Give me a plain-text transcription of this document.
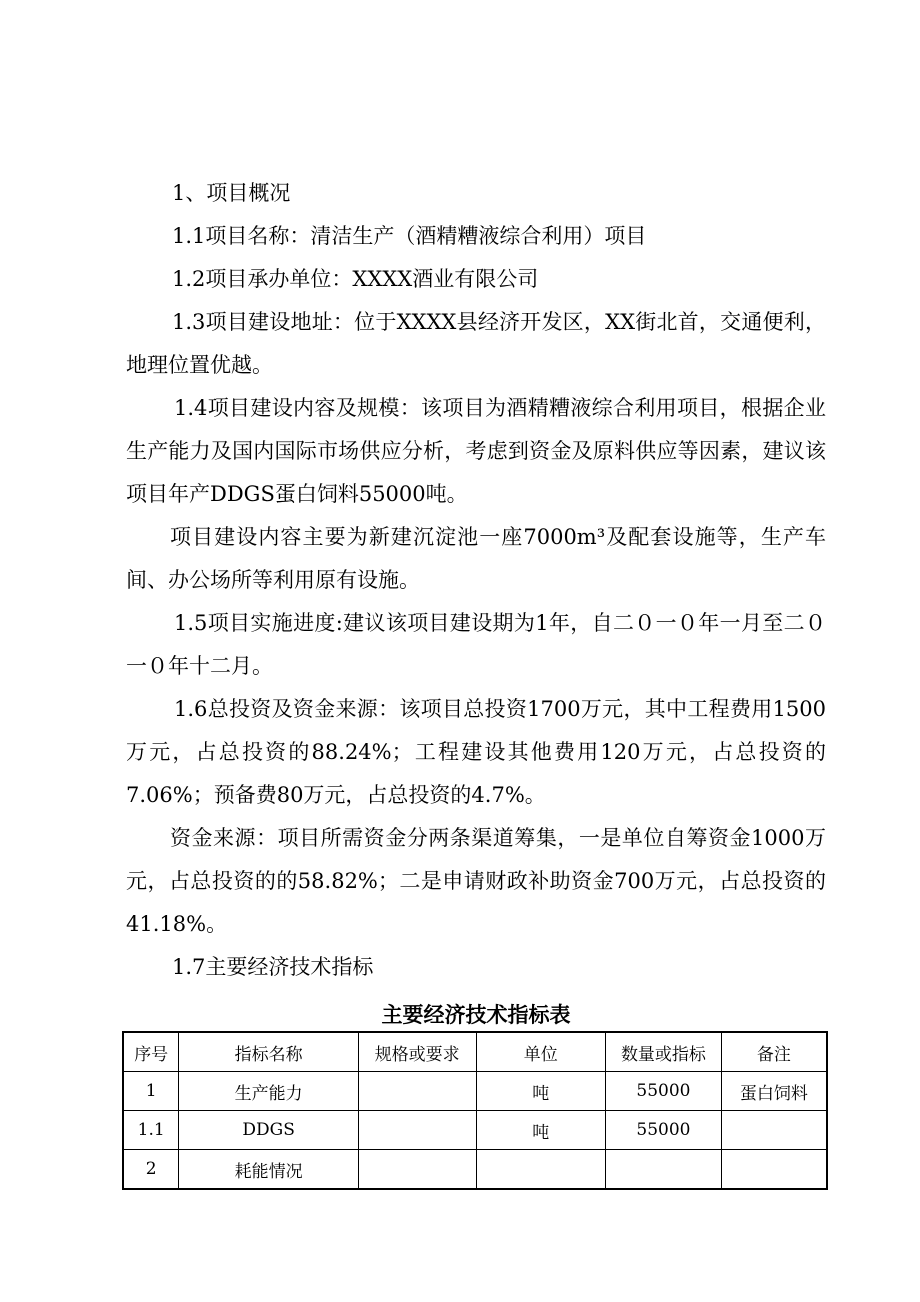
1、项目概况

1.1项目名称：清洁生产（酒精糟液综合利用）项目

1.2项目承办单位：XXXX酒业有限公司

1.3项目建设地址：位于XXXX县经济开发区，XX街北首，交通便利，地理位置优越。

1.4项目建设内容及规模：该项目为酒精糟液综合利用项目，根据企业生产能力及国内国际市场供应分析，考虑到资金及原料供应等因素，建议该项目年产DDGS蛋白饲料55000吨。

项目建设内容主要为新建沉淀池一座7000m³及配套设施等，生产车间、办公场所等利用原有设施。

1.5项目实施进度:建议该项目建设期为1年，自二０一０年一月至二０一０年十二月。

1.6总投资及资金来源：该项目总投资1700万元，其中工程费用1500万元，占总投资的88.24%；工程建设其他费用120万元，占总投资的7.06%；预备费80万元，占总投资的4.7%。

资金来源：项目所需资金分两条渠道筹集，一是单位自筹资金1000万元，占总投资的的58.82%；二是申请财政补助资金700万元，占总投资的41.18%。

1.7主要经济技术指标

主要经济技术指标表
序号	指标名称	规格或要求	单位	数量或指标	备注
1	生产能力		吨	55000	蛋白饲料
1.1	DDGS		吨	55000	
2	耗能情况				
